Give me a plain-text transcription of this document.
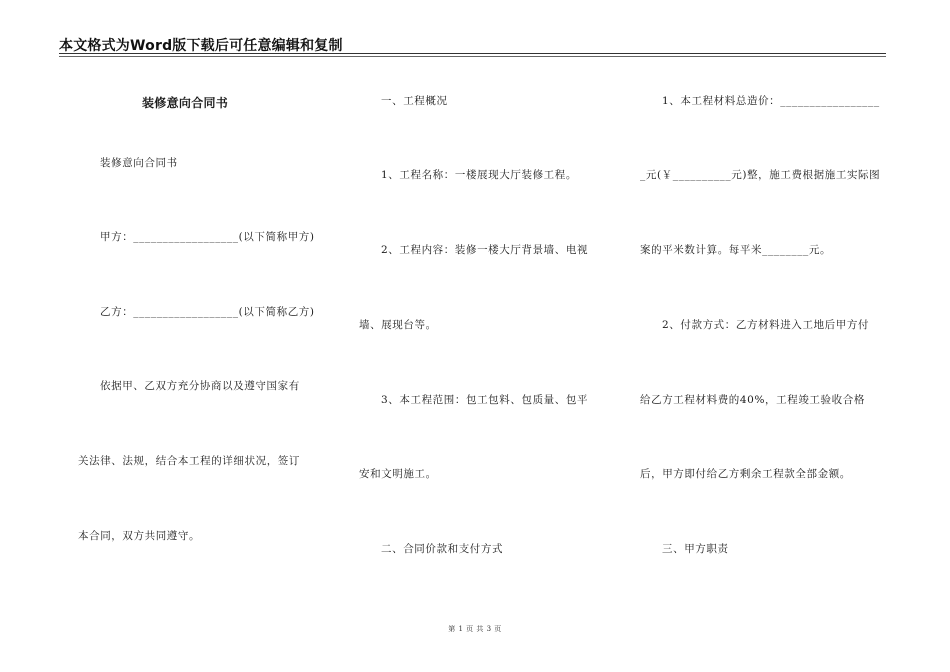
本文格式为Word版下载后可任意编辑和复制
装修意向合同书
装修意向合同书
甲方：__________________(以下简称甲方)
乙方：__________________(以下简称乙方)
依据甲、乙双方充分协商以及遵守国家有
关法律、法规，结合本工程的详细状况，签订
本合同，双方共同遵守。
一、工程概况
1、工程名称：一楼展现大厅装修工程。
2、工程内容：装修一楼大厅背景墙、电视
墙、展现台等。
3、本工程范围：包工包料、包质量、包平
安和文明施工。
二、合同价款和支付方式
1、本工程材料总造价：_________________
_元(￥__________元)整，施工费根据施工实际图
案的平米数计算。每平米________元。
2、付款方式：乙方材料进入工地后甲方付
给乙方工程材料费的40%，工程竣工验收合格
后，甲方即付给乙方剩余工程款全部金额。
三、甲方职责
第 1 页 共 3 页
